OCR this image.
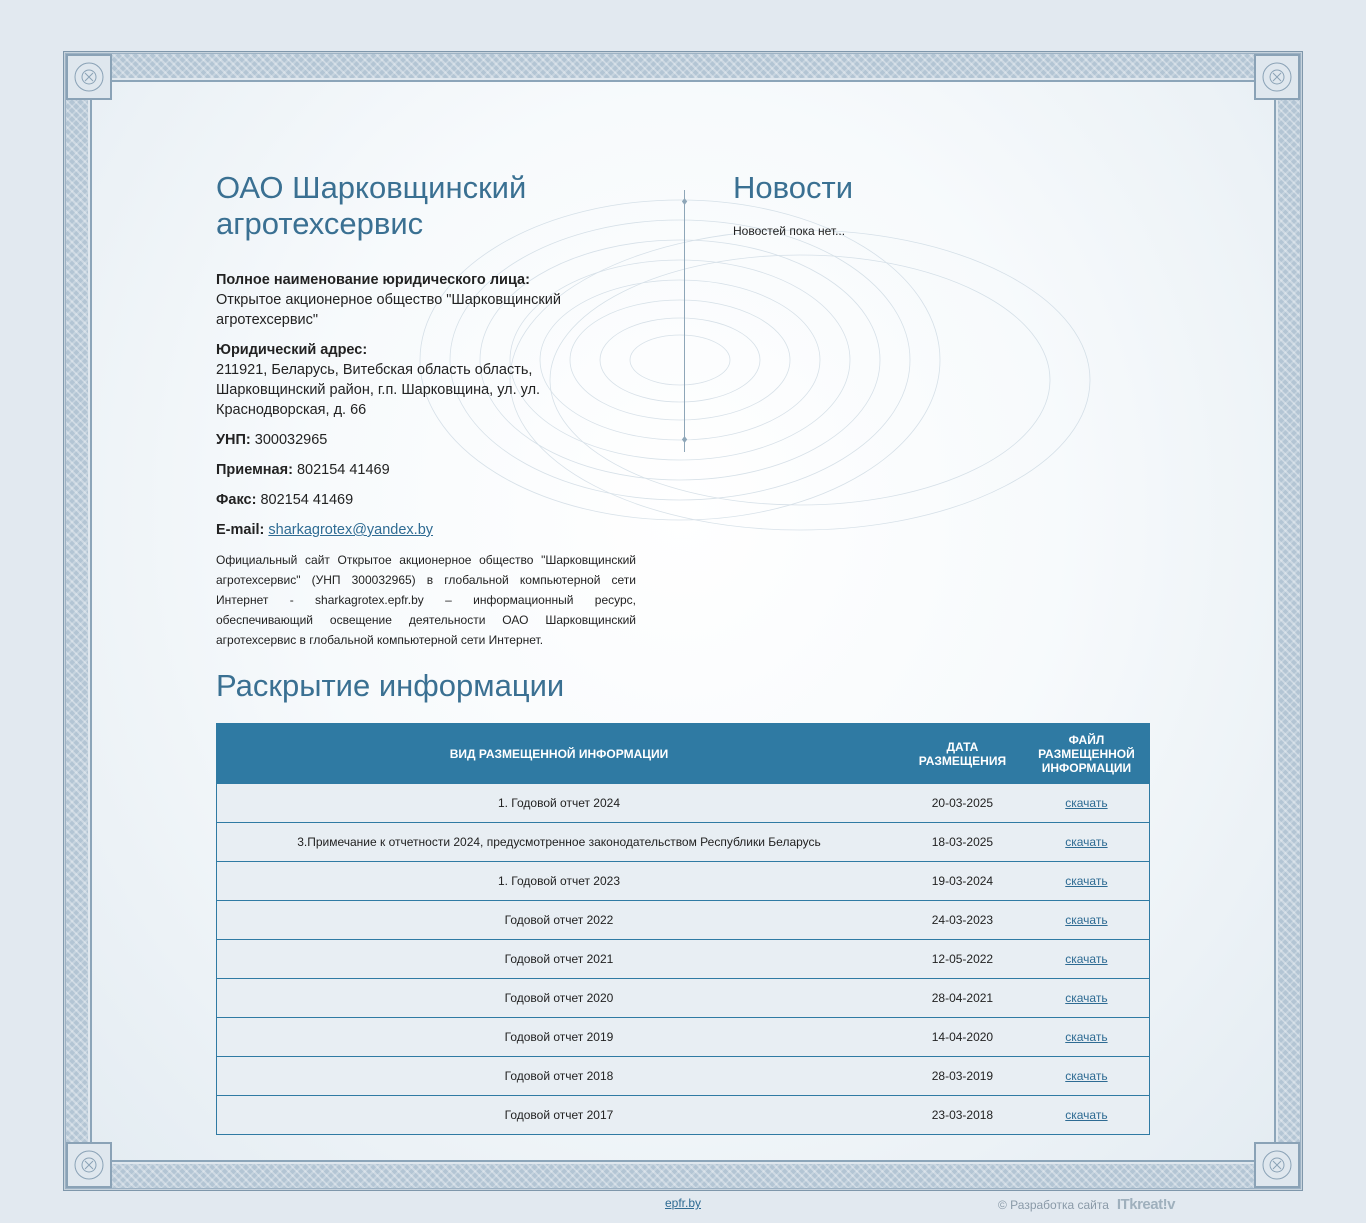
ОАО Шарковщинский агротехсервис
Полное наименование юридического лица:
Открытое акционерное общество "Шарковщинский агротехсервис"
Юридический адрес:
211921, Беларусь, Витебская область область, Шарковщинский район, г.п. Шарковщина, ул. ул. Краснодворская, д. 66
УНП: 300032965
Приемная: 802154 41469
Факс: 802154 41469
E-mail: sharkagrotex@yandex.by
Официальный сайт Открытое акционерное общество "Шарковщинский агротехсервис" (УНП 300032965) в глобальной компьютерной сети Интернет - sharkagrotex.epfr.by – информационный ресурс, обеспечивающий освещение деятельности ОАО Шарковщинский агротехсервис в глобальной компьютерной сети Интернет.
♦
♦
Новости
Новостей пока нет...
Раскрытие информации
ВИД РАЗМЕЩЕННОЙ ИНФОРМАЦИИ	ДАТА РАЗМЕЩЕНИЯ	ФАЙЛ РАЗМЕЩЕННОЙ ИНФОРМАЦИИ
1. Годовой отчет 2024	20-03-2025	скачать
3.Примечание к отчетности 2024, предусмотренное законодательством Республики Беларусь	18-03-2025	скачать
1. Годовой отчет 2023	19-03-2024	скачать
Годовой отчет 2022	24-03-2023	скачать
Годовой отчет 2021	12-05-2022	скачать
Годовой отчет 2020	28-04-2021	скачать
Годовой отчет 2019	14-04-2020	скачать
Годовой отчет 2018	28-03-2019	скачать
Годовой отчет 2017	23-03-2018	скачать
epfr.by	© Разработка сайта ITkreat!v
